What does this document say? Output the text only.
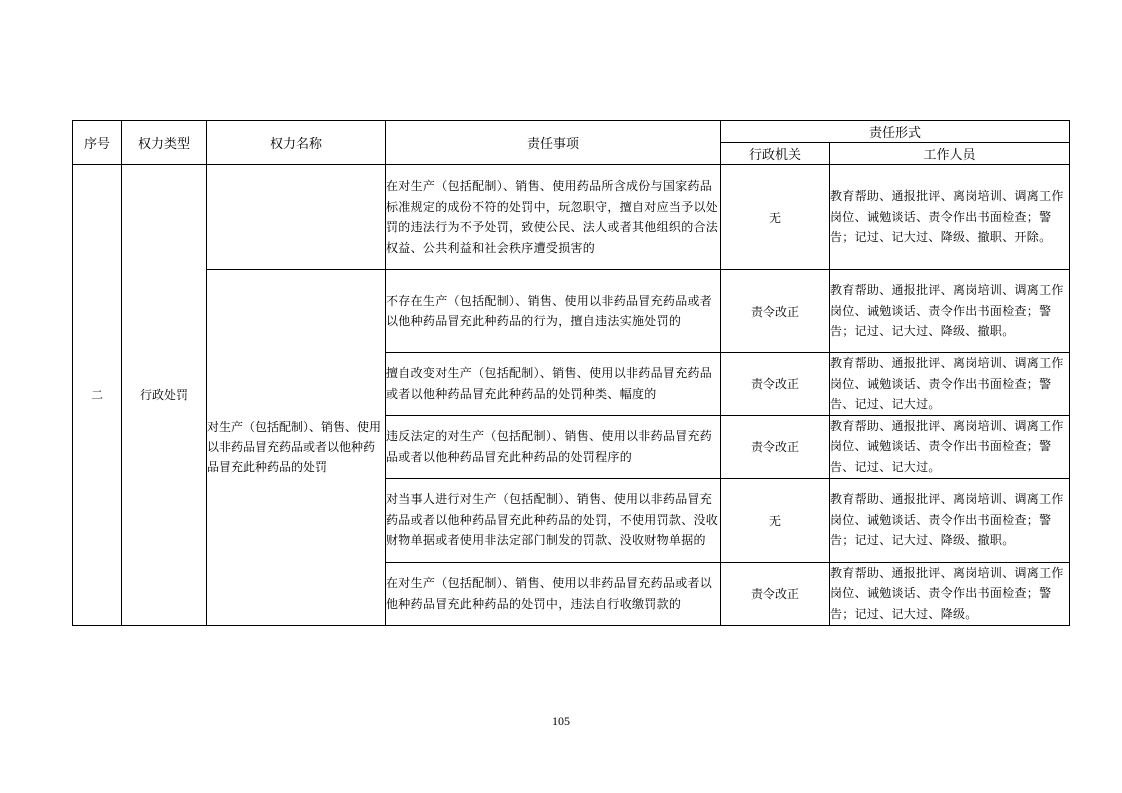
序号	权力类型	权力名称	责任事项	责任形式	
				行政机关	工作人员
二	行政处罚		在对生产（包括配制）、销售、使用药品所含成份与国家药品标准规定的成份不符的处罚中，玩忽职守，擅自对应当予以处罚的违法行为不予处罚，致使公民、法人或者其他组织的合法权益、公共利益和社会秩序遭受损害的	无	教育帮助、通报批评、离岗培训、调离工作岗位、诫勉谈话、责令作出书面检查；警告；记过、记大过、降级、撤职、开除。
		对生产（包括配制）、销售、使用以非药品冒充药品或者以他种药品冒充此种药品的处罚	不存在生产（包括配制）、销售、使用以非药品冒充药品或者以他种药品冒充此种药品的行为，擅自违法实施处罚的	责令改正	教育帮助、通报批评、离岗培训、调离工作岗位、诫勉谈话、责令作出书面检查；警告；记过、记大过、降级、撤职。
			擅自改变对生产（包括配制）、销售、使用以非药品冒充药品或者以他种药品冒充此种药品的处罚种类、幅度的	责令改正	教育帮助、通报批评、离岗培训、调离工作岗位、诫勉谈话、责令作出书面检查；警告、记过、记大过。
			违反法定的对生产（包括配制）、销售、使用以非药品冒充药品或者以他种药品冒充此种药品的处罚程序的	责令改正	教育帮助、通报批评、离岗培训、调离工作岗位、诫勉谈话、责令作出书面检查；警告、记过、记大过。
			对当事人进行对生产（包括配制）、销售、使用以非药品冒充药品或者以他种药品冒充此种药品的处罚，不使用罚款、没收财物单据或者使用非法定部门制发的罚款、没收财物单据的	无	教育帮助、通报批评、离岗培训、调离工作岗位、诫勉谈话、责令作出书面检查；警告；记过、记大过、降级、撤职。
			在对生产（包括配制）、销售、使用以非药品冒充药品或者以他种药品冒充此种药品的处罚中，违法自行收缴罚款的	责令改正	教育帮助、通报批评、离岗培训、调离工作岗位、诫勉谈话、责令作出书面检查；警告；记过、记大过、降级。
105
